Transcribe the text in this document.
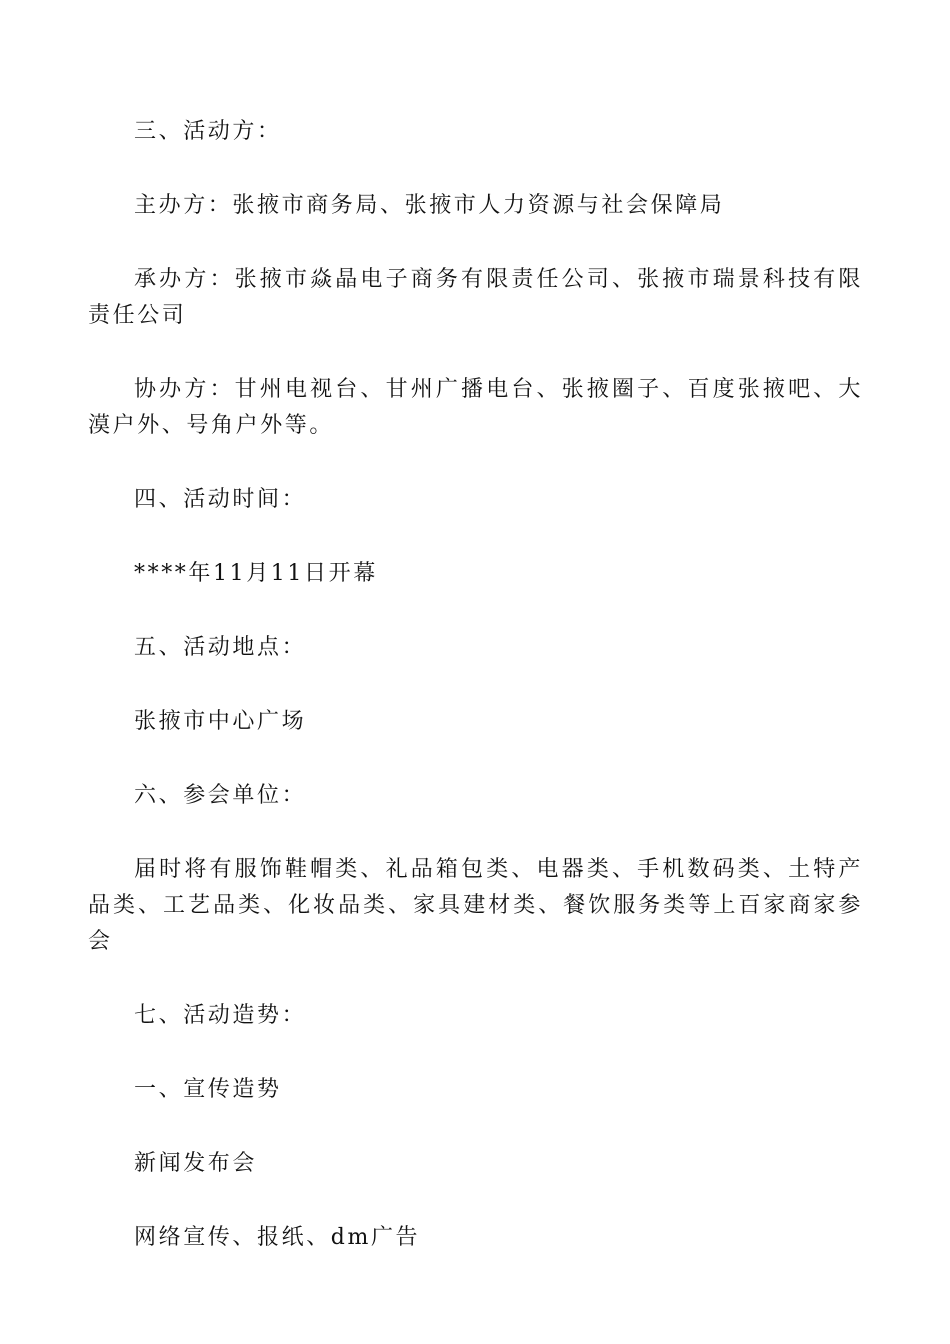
三、活动方：

主办方：张掖市商务局、张掖市人力资源与社会保障局

承办方：张掖市焱晶电子商务有限责任公司、张掖市瑞景科技有限责任公司

协办方：甘州电视台、甘州广播电台、张掖圈子、百度张掖吧、大漠户外、号角户外等。

四、活动时间：

****年11月11日开幕

五、活动地点：

张掖市中心广场

六、参会单位：

届时将有服饰鞋帽类、礼品箱包类、电器类、手机数码类、土特产品类、工艺品类、化妆品类、家具建材类、餐饮服务类等上百家商家参会

七、活动造势：

一、宣传造势

新闻发布会

网络宣传、报纸、dm广告
